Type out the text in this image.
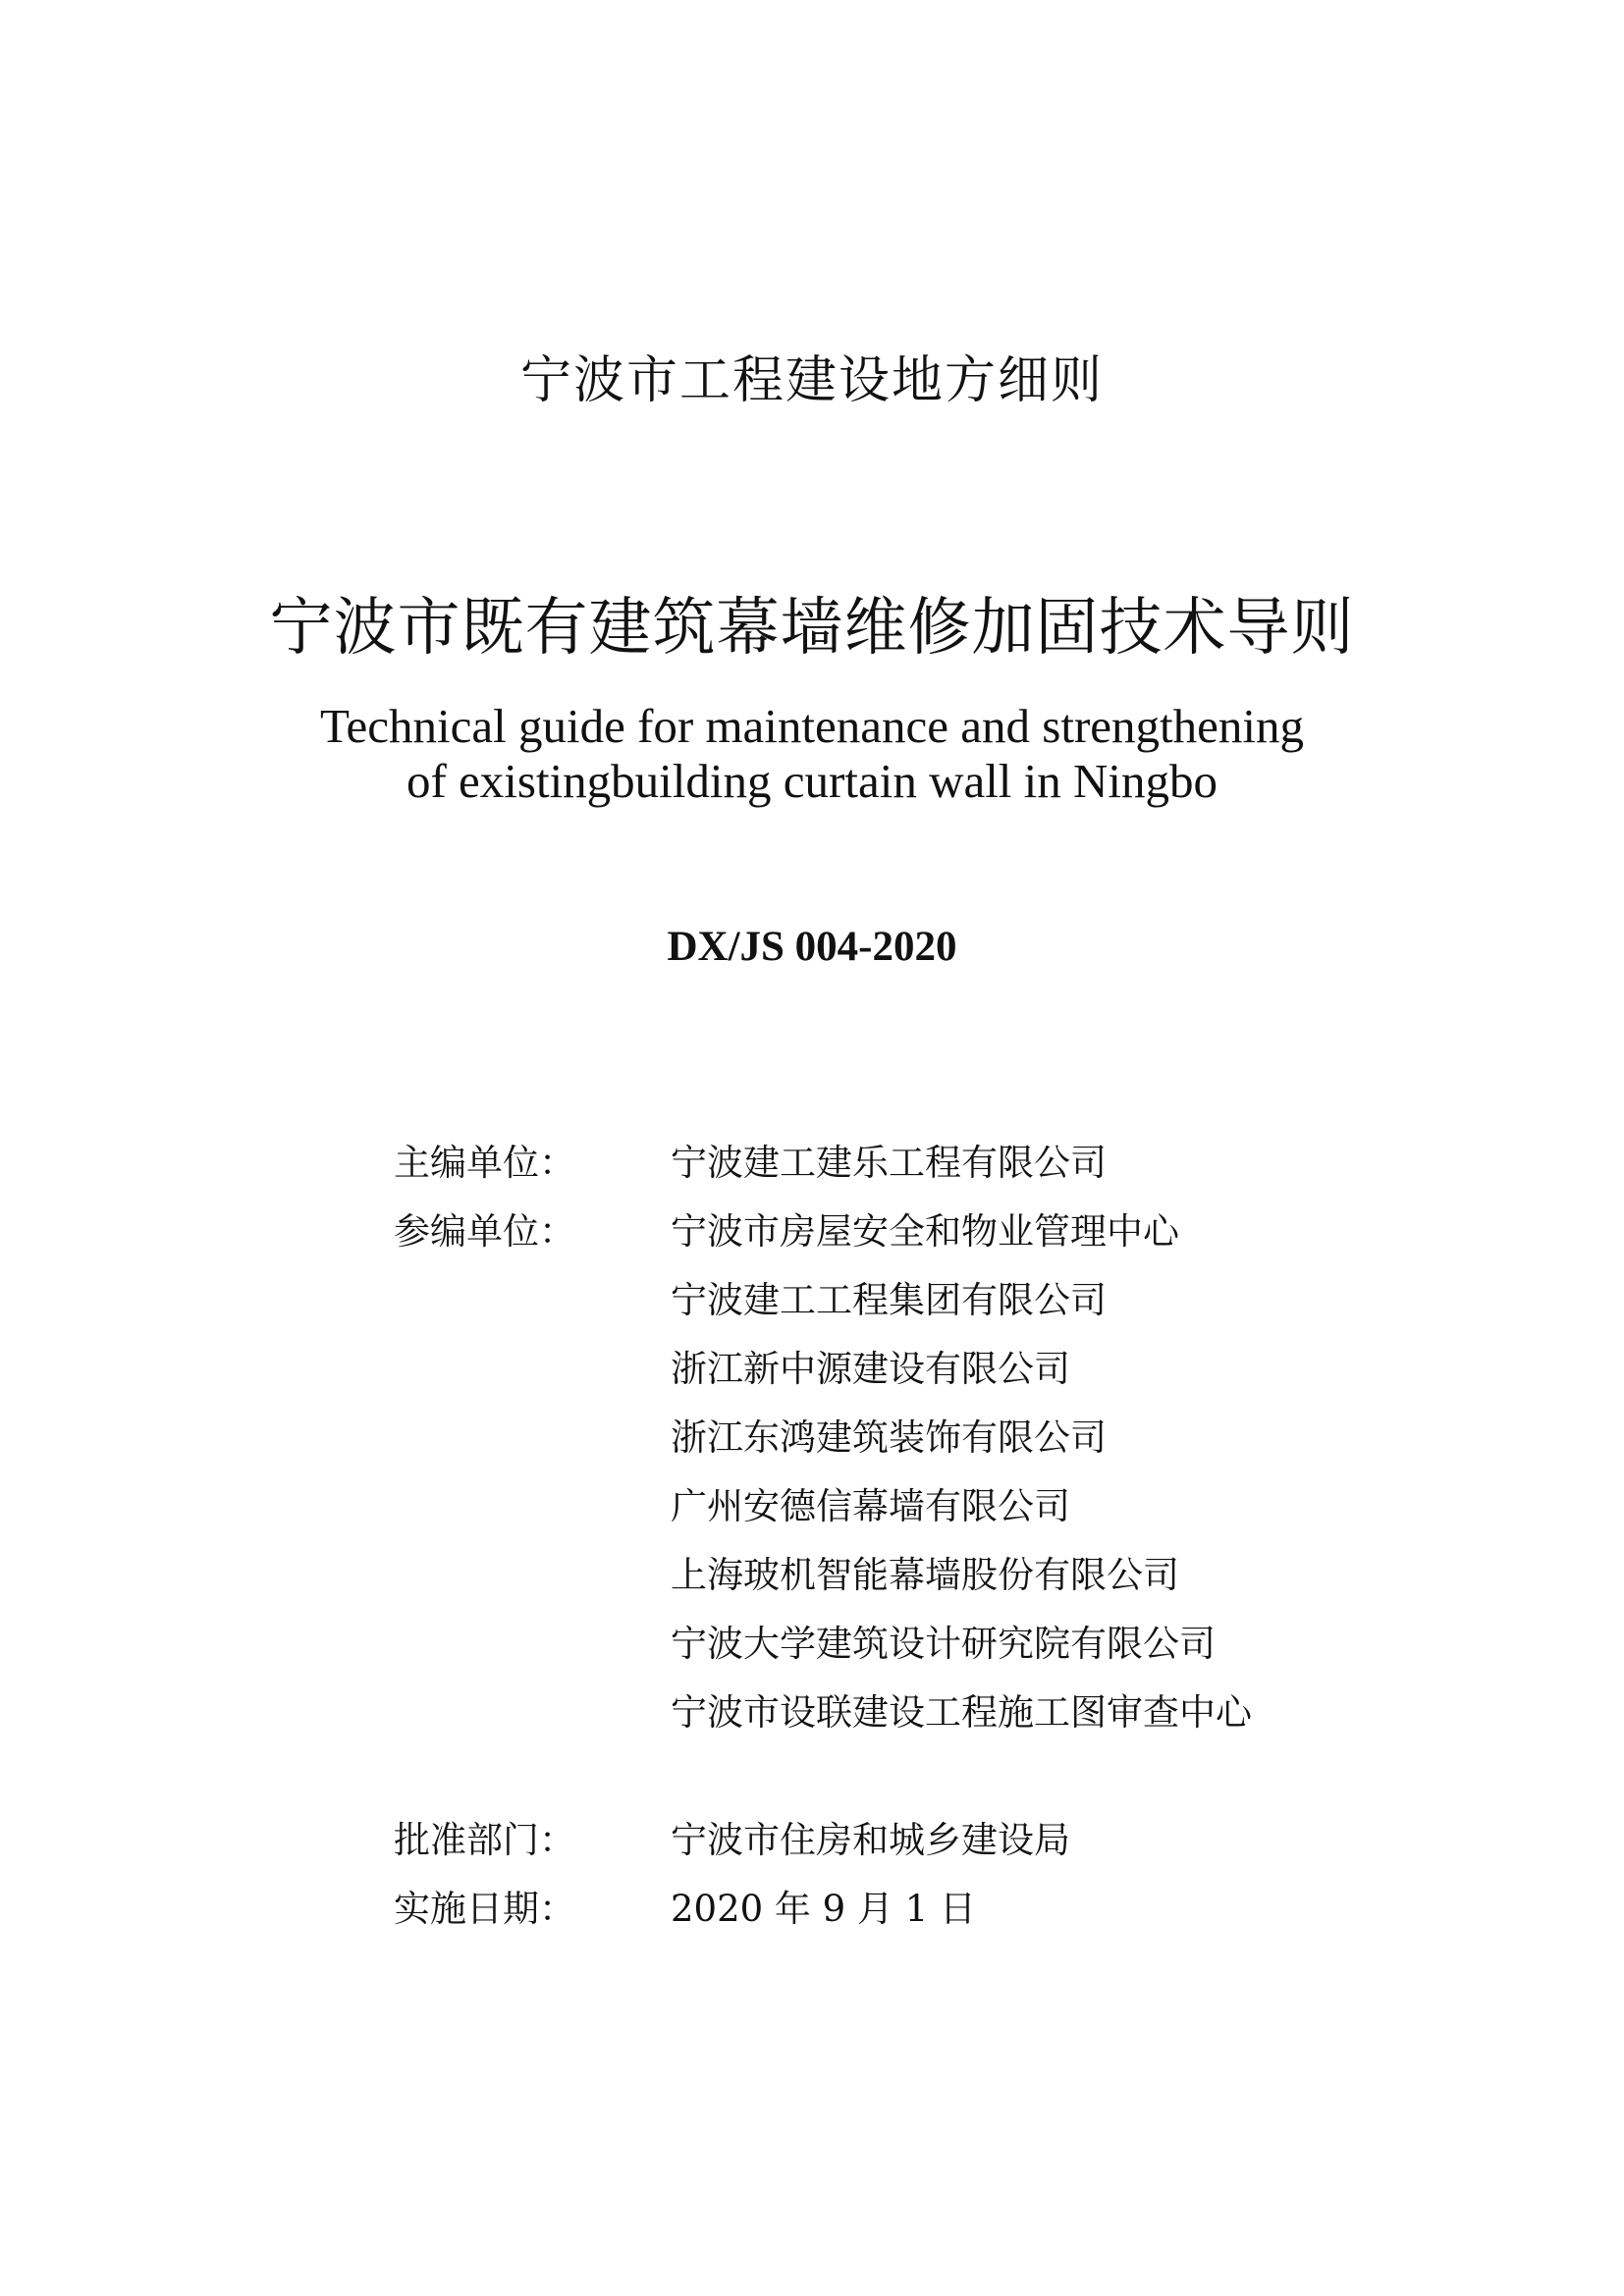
宁波市工程建设地方细则
宁波市既有建筑幕墙维修加固技术导则
Technical guide for maintenance and strengthening
of existingbuilding curtain wall in Ningbo
DX/JS 004-2020
主编单位：	宁波建工建乐工程有限公司
参编单位：	宁波市房屋安全和物业管理中心
宁波建工工程集团有限公司
浙江新中源建设有限公司
浙江东鸿建筑装饰有限公司
广州安德信幕墙有限公司
上海玻机智能幕墙股份有限公司
宁波大学建筑设计研究院有限公司
宁波市设联建设工程施工图审查中心
批准部门：	宁波市住房和城乡建设局
实施日期：	2020 年 9 月 1 日
